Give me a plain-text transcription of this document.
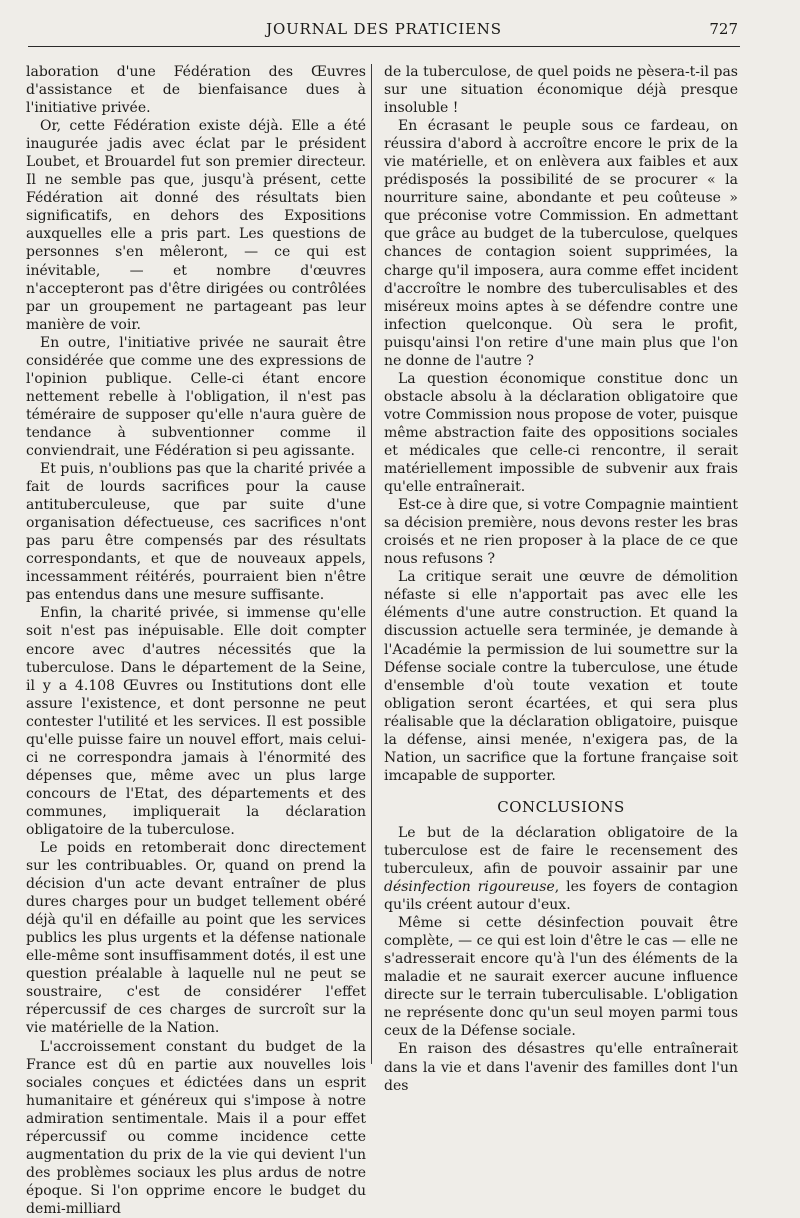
JOURNAL DES PRATICIENS	727

laboration d'une Fédération des Œuvres d'assistance et de bienfaisance dues à l'initiative privée.

Or, cette Fédération existe déjà. Elle a été inaugurée jadis avec éclat par le président Loubet, et Brouardel fut son premier directeur. Il ne semble pas que, jusqu'à présent, cette Fédération ait donné des résultats bien significatifs, en dehors des Expositions auxquelles elle a pris part. Les questions de personnes s'en mêleront, — ce qui est inévitable, — et nombre d'œuvres n'accepteront pas d'être dirigées ou contrôlées par un groupement ne partageant pas leur manière de voir.

En outre, l'initiative privée ne saurait être considérée que comme une des expressions de l'opinion publique. Celle-ci étant encore nettement rebelle à l'obligation, il n'est pas téméraire de supposer qu'elle n'aura guère de tendance à subventionner comme il conviendrait, une Fédération si peu agissante.

Et puis, n'oublions pas que la charité privée a fait de lourds sacrifices pour la cause antituberculeuse, que par suite d'une organisation défectueuse, ces sacrifices n'ont pas paru être compensés par des résultats correspondants, et que de nouveaux appels, incessamment réitérés, pourraient bien n'être pas entendus dans une mesure suffisante.

Enfin, la charité privée, si immense qu'elle soit n'est pas inépuisable. Elle doit compter encore avec d'autres nécessités que la tuberculose. Dans le département de la Seine, il y a 4.108 Œuvres ou Institutions dont elle assure l'existence, et dont personne ne peut contester l'utilité et les services. Il est possible qu'elle puisse faire un nouvel effort, mais celui-ci ne correspondra jamais à l'énormité des dépenses que, même avec un plus large concours de l'Etat, des départements et des communes, impliquerait la déclaration obligatoire de la tuberculose.

Le poids en retomberait donc directement sur les contribuables. Or, quand on prend la décision d'un acte devant entraîner de plus dures charges pour un budget tellement obéré déjà qu'il en défaille au point que les services publics les plus urgents et la défense nationale elle-même sont insuffisamment dotés, il est une question préalable à laquelle nul ne peut se soustraire, c'est de considérer l'effet répercussif de ces charges de surcroît sur la vie matérielle de la Nation.

L'accroissement constant du budget de la France est dû en partie aux nouvelles lois sociales conçues et édictées dans un esprit humanitaire et généreux qui s'impose à notre admiration sentimentale. Mais il a pour effet répercussif ou comme incidence cette augmentation du prix de la vie qui devient l'un des problèmes sociaux les plus ardus de notre époque. Si l'on opprime encore le budget du demi-milliard

de la tuberculose, de quel poids ne pèsera-t-il pas sur une situation économique déjà presque insoluble !

En écrasant le peuple sous ce fardeau, on réussira d'abord à accroître encore le prix de la vie matérielle, et on enlèvera aux faibles et aux prédisposés la possibilité de se procurer « la nourriture saine, abondante et peu coûteuse » que préconise votre Commission. En admettant que grâce au budget de la tuberculose, quelques chances de contagion soient supprimées, la charge qu'il imposera, aura comme effet incident d'accroître le nombre des tuberculisables et des miséreux moins aptes à se défendre contre une infection quelconque. Où sera le profit, puisqu'ainsi l'on retire d'une main plus que l'on ne donne de l'autre ?

La question économique constitue donc un obstacle absolu à la déclaration obligatoire que votre Commission nous propose de voter, puisque même abstraction faite des oppositions sociales et médicales que celle-ci rencontre, il serait matériellement impossible de subvenir aux frais qu'elle entraînerait.

Est-ce à dire que, si votre Compagnie maintient sa décision première, nous devons rester les bras croisés et ne rien proposer à la place de ce que nous refusons ?

La critique serait une œuvre de démolition néfaste si elle n'apportait pas avec elle les éléments d'une autre construction. Et quand la discussion actuelle sera terminée, je demande à l'Académie la permission de lui soumettre sur la Défense sociale contre la tuberculose, une étude d'ensemble d'où toute vexation et toute obligation seront écartées, et qui sera plus réalisable que la déclaration obligatoire, puisque la défense, ainsi menée, n'exigera pas, de la Nation, un sacrifice que la fortune française soit imcapable de supporter.

CONCLUSIONS

Le but de la déclaration obligatoire de la tuberculose est de faire le recensement des tuberculeux, afin de pouvoir assainir par une désinfection rigoureuse, les foyers de contagion qu'ils créent autour d'eux.

Même si cette désinfection pouvait être complète, — ce qui est loin d'être le cas — elle ne s'adresserait encore qu'à l'un des éléments de la maladie et ne saurait exercer aucune influence directe sur le terrain tuberculisable. L'obligation ne représente donc qu'un seul moyen parmi tous ceux de la Défense sociale.

En raison des désastres qu'elle entraînerait dans la vie et dans l'avenir des familles dont l'un des
